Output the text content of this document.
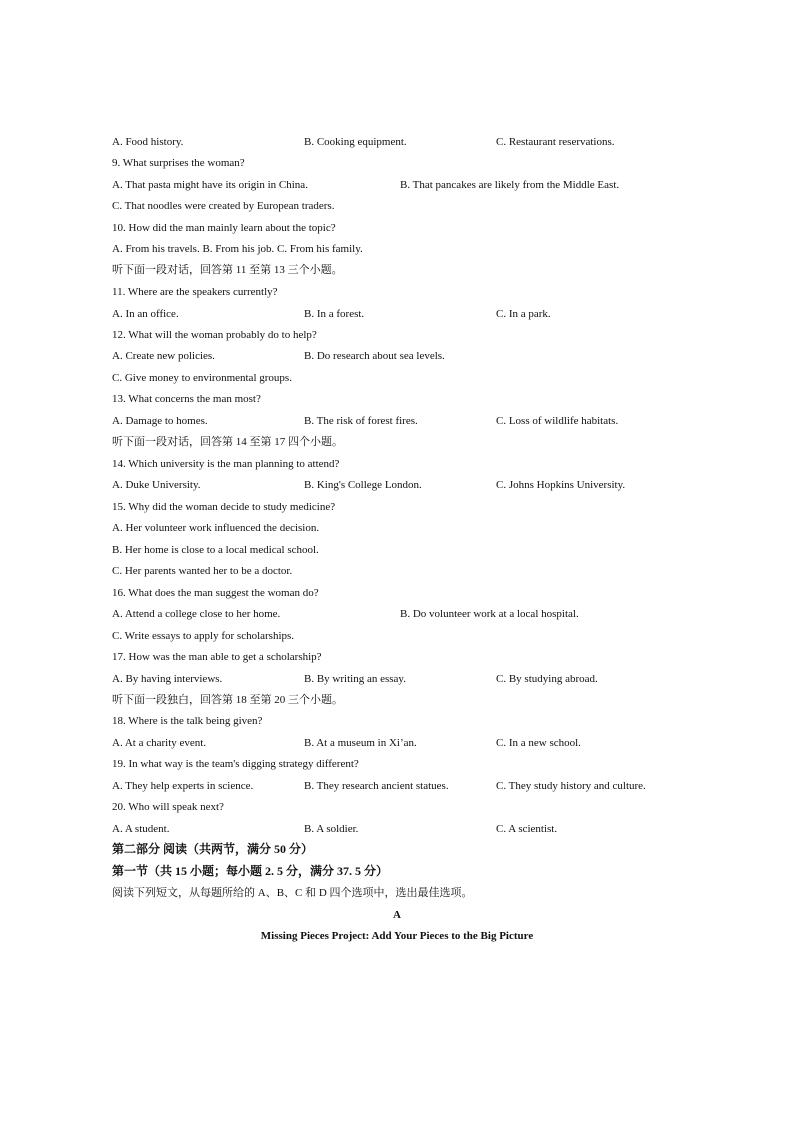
A. Food history.	B. Cooking equipment.	C. Restaurant reservations.
9. What surprises the woman?
A. That pasta might have its origin in China.	B. That pancakes are likely from the Middle East.
C. That noodles were created by European traders.
10. How did the man mainly learn about the topic?
A. From his travels. B. From his job. C. From his family.
听下面一段对话，回答第 11 至第 13 三个小题。
11. Where are the speakers currently?
A. In an office.	B. In a forest.	C. In a park.
12. What will the woman probably do to help?
A. Create new policies.	B. Do research about sea levels.
C. Give money to environmental groups.
13. What concerns the man most?
A. Damage to homes.	B. The risk of forest fires.	C. Loss of wildlife habitats.
听下面一段对话，回答第 14 至第 17 四个小题。
14. Which university is the man planning to attend?
A. Duke University.	B. King's College London.	C. Johns Hopkins University.
15. Why did the woman decide to study medicine?
A. Her volunteer work influenced the decision.
B. Her home is close to a local medical school.
C. Her parents wanted her to be a doctor.
16. What does the man suggest the woman do?
A. Attend a college close to her home.	B. Do volunteer work at a local hospital.
C. Write essays to apply for scholarships.
17. How was the man able to get a scholarship?
A. By having interviews.	B. By writing an essay.	C. By studying abroad.
听下面一段独白，回答第 18 至第 20 三个小题。
18. Where is the talk being given?
A. At a charity event.	B. At a museum in Xi’an.	C. In a new school.
19. In what way is the team's digging strategy different?
A. They help experts in science.	B. They research ancient statues.	C. They study history and culture.
20. Who will speak next?
A. A student.	B. A soldier.	C. A scientist.
第二部分 阅读（共两节，满分 50 分）
第一节（共 15 小题；每小题 2. 5 分，满分 37. 5 分）
阅读下列短文，从每题所给的 A、B、C 和 D 四个选项中，选出最佳选项。
A
Missing Pieces Project: Add Your Pieces to the Big Picture
